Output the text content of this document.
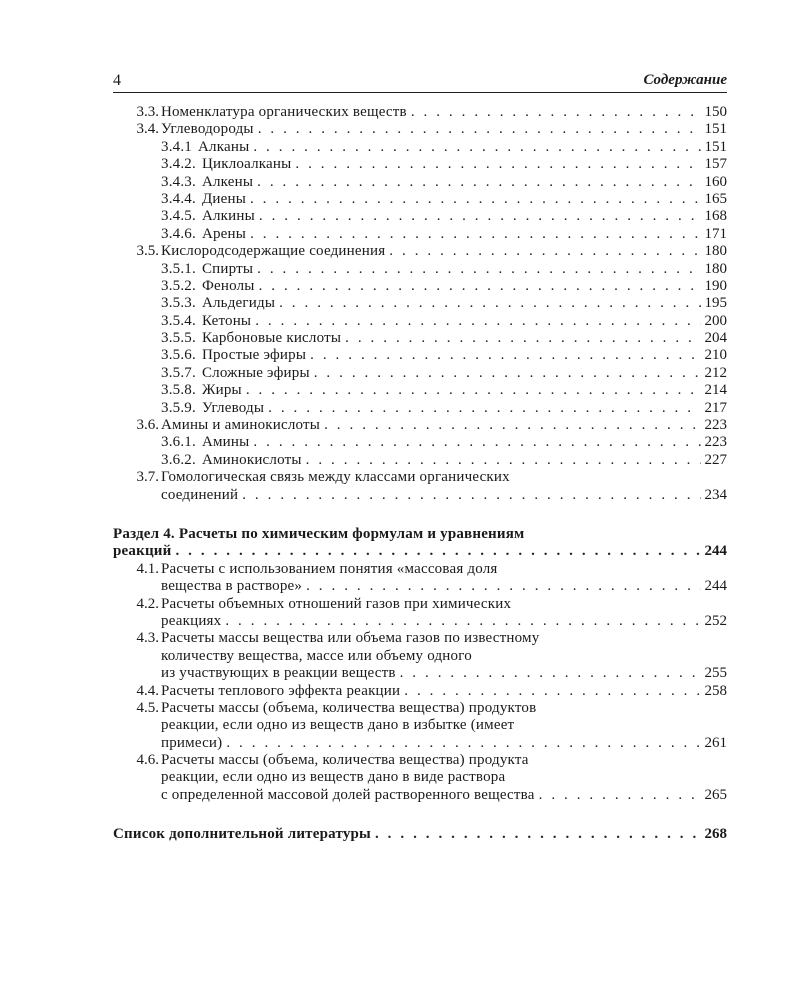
4	Содержание
3.3. Номенклатура органических веществ . . .	150
3.4. Углеводороды . . .	151
3.4.1 Алканы . . .	151
3.4.2. Циклоалканы . . .	157
3.4.3. Алкены . . .	160
3.4.4. Диены . . .	165
3.4.5. Алкины . . .	168
3.4.6. Арены . . .	171
3.5. Кислородсодержащие соединения . . .	180
3.5.1. Спирты . . .	180
3.5.2. Фенолы . . .	190
3.5.3. Альдегиды . . .	195
3.5.4. Кетоны . . .	200
3.5.5. Карбоновые кислоты . . .	204
3.5.6. Простые эфиры . . .	210
3.5.7. Сложные эфиры . . .	212
3.5.8. Жиры . . .	214
3.5.9. Углеводы . . .	217
3.6. Амины и аминокислоты . . .	223
3.6.1. Амины . . .	223
3.6.2. Аминокислоты . . .	227
3.7. Гомологическая связь между классами органических
соединений . . .	234
Раздел 4. Расчеты по химическим формулам и уравнениям
реакций . . .	244
4.1. Расчеты с использованием понятия «массовая доля
вещества в растворе» . . .	244
4.2. Расчеты объемных отношений газов при химических
реакциях . . .	252
4.3. Расчеты массы вещества или объема газов по известному
количеству вещества, массе или объему одного
из участвующих в реакции веществ . . .	255
4.4. Расчеты теплового эффекта реакции . . .	258
4.5. Расчеты массы (объема, количества вещества) продуктов
реакции, если одно из веществ дано в избытке (имеет
примеси) . . .	261
4.6. Расчеты массы (объема, количества вещества) продукта
реакции, если одно из веществ дано в виде раствора
с определенной массовой долей растворенного вещества . . .	265
Список дополнительной литературы . . .	268
